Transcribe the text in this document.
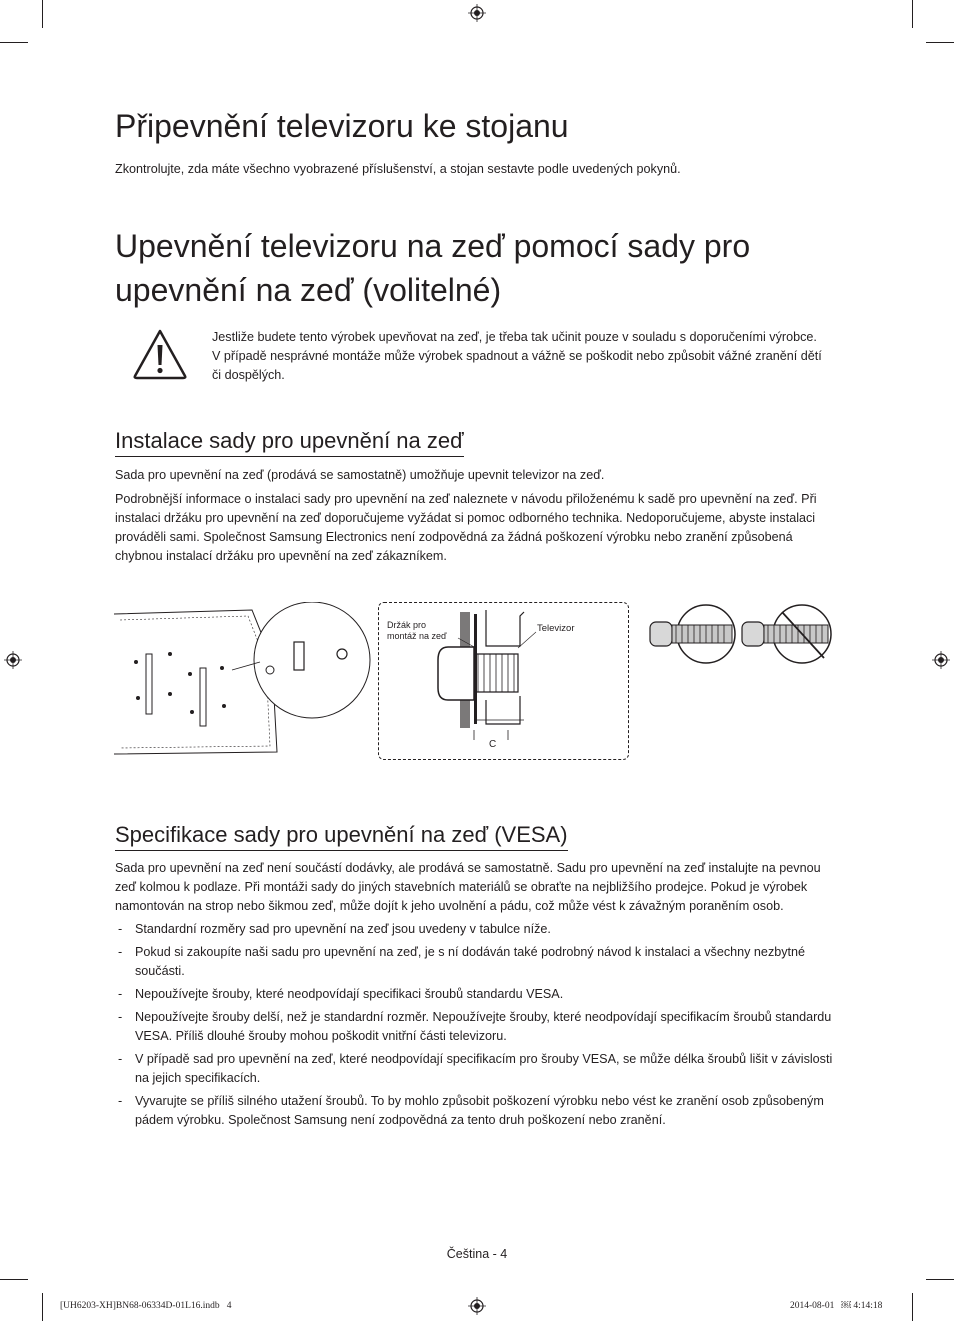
Připevnění televizoru ke stojanu

Zkontrolujte, zda máte všechno vyobrazené příslušenství, a stojan sestavte podle uvedených pokynů.

Upevnění televizoru na zeď pomocí sady pro upevnění na zeď (volitelné)

Jestliže budete tento výrobek upevňovat na zeď, je třeba tak učinit pouze v souladu s doporučeními výrobce. V případě nesprávné montáže může výrobek spadnout a vážně se poškodit nebo způsobit vážné zranění dětí či dospělých.

Instalace sady pro upevnění na zeď

Sada pro upevnění na zeď (prodává se samostatně) umožňuje upevnit televizor na zeď.

Podrobnější informace o instalaci sady pro upevnění na zeď naleznete v návodu přiloženému k sadě pro upevnění na zeď. Při instalaci držáku pro upevnění na zeď doporučujeme vyžádat si pomoc odborného technika. Nedoporučujeme, abyste instalaci prováděli sami. Společnost Samsung Electronics není zodpovědná za žádná poškození výrobku nebo zranění způsobená chybnou instalací držáku pro upevnění na zeď zákazníkem.

Držák pro
montáž na zeď
Televizor
C
Specifikace sady pro upevnění na zeď (VESA)

Sada pro upevnění na zeď není součástí dodávky, ale prodává se samostatně. Sadu pro upevnění na zeď instalujte na pevnou zeď kolmou k podlaze. Při montáži sady do jiných stavebních materiálů se obraťte na nejbližšího prodejce. Pokud je výrobek namontován na strop nebo šikmou zeď, může dojít k jeho uvolnění a pádu, což může vést k závažným poraněním osob.

- Standardní rozměry sad pro upevnění na zeď jsou uvedeny v tabulce níže.
- Pokud si zakoupíte naši sadu pro upevnění na zeď, je s ní dodáván také podrobný návod k instalaci a všechny nezbytné součásti.
- Nepoužívejte šrouby, které neodpovídají specifikaci šroubů standardu VESA.
- Nepoužívejte šrouby delší, než je standardní rozměr. Nepoužívejte šrouby, které neodpovídají specifikacím šroubů standardu VESA. Příliš dlouhé šrouby mohou poškodit vnitřní části televizoru.
- V případě sad pro upevnění na zeď, které neodpovídají specifikacím pro šrouby VESA, se může délka šroubů lišit v závislosti na jejich specifikacích.
- Vyvarujte se příliš silného utažení šroubů. To by mohlo způsobit poškození výrobku nebo vést ke zranění osob způsobeným pádem výrobku. Společnost Samsung není zodpovědná za tento druh poškození nebo zranění.
Čeština - 4
[UH6203-XH]BN68-06334D-01L16.indb   4	2014-08-01   ￼ 4:14:18
